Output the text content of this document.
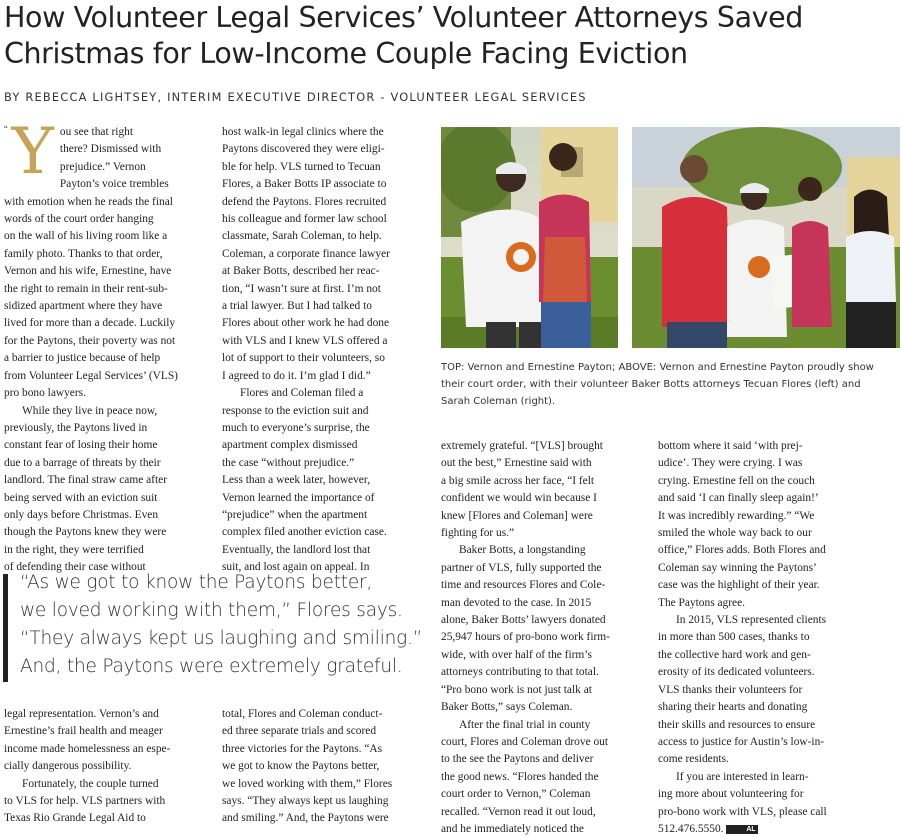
How Volunteer Legal Services’ Volunteer Attorneys Saved
Christmas for Low-Income Couple Facing Eviction
BY REBECCA LIGHTSEY, INTERIM EXECUTIVE DIRECTOR - VOLUNTEER LEGAL SERVICES

“ Y ou see that right
there? Dismissed with
prejudice.” Vernon
Payton’s voice trembles
with emotion when he reads the final
words of the court order hanging
on the wall of his living room like a
family photo. Thanks to that order,
Vernon and his wife, Ernestine, have
the right to remain in their rent-sub-
sidized apartment where they have
lived for more than a decade. Luckily
for the Paytons, their poverty was not
a barrier to justice because of help
from Volunteer Legal Services’ (VLS)
pro bono lawyers.

While they live in peace now,
previously, the Paytons lived in
constant fear of losing their home
due to a barrage of threats by their
landlord. The final straw came after
being served with an eviction suit
only days before Christmas. Even
though the Paytons knew they were
in the right, they were terrified
of defending their case without

host walk-in legal clinics where the
Paytons discovered they were eligi-
ble for help. VLS turned to Tecuan
Flores, a Baker Botts IP associate to
defend the Paytons. Flores recruited
his colleague and former law school
classmate, Sarah Coleman, to help.
Coleman, a corporate finance lawyer
at Baker Botts, described her reac-
tion, “I wasn’t sure at first. I’m not
a trial lawyer. But I had talked to
Flores about other work he had done
with VLS and I knew VLS offered a
lot of support to their volunteers, so
I agreed to do it. I’m glad I did.”

Flores and Coleman filed a
response to the eviction suit and
much to everyone’s surprise, the
apartment complex dismissed
the case “without prejudice.”
Less than a week later, however,
Vernon learned the importance of
“prejudice” when the apartment
complex filed another eviction case.
Eventually, the landlord lost that
suit, and lost again on appeal. In

TOP: Vernon and Ernestine Payton; ABOVE: Vernon and Ernestine Payton proudly show
their court order, with their volunteer Baker Botts attorneys Tecuan Flores (left) and
Sarah Coleman (right).

extremely grateful. “[VLS] brought
out the best,” Ernestine said with
a big smile across her face, “I felt
confident we would win because I
knew [Flores and Coleman] were
fighting for us.”

Baker Botts, a longstanding
partner of VLS, fully supported the
time and resources Flores and Cole-
man devoted to the case. In 2015
alone, Baker Botts’ lawyers donated
25,947 hours of pro-bono work firm-
wide, with over half of the firm’s
attorneys contributing to that total.
“Pro bono work is not just talk at
Baker Botts,” says Coleman.

After the final trial in county
court, Flores and Coleman drove out
to the see the Paytons and deliver
the good news. “Flores handed the
court order to Vernon,” Coleman
recalled. “Vernon read it out loud,
and he immediately noticed the

bottom where it said ‘with prej-
udice’. They were crying. I was
crying. Ernestine fell on the couch
and said ‘I can finally sleep again!’
It was incredibly rewarding.” “We
smiled the whole way back to our
office,” Flores adds. Both Flores and
Coleman say winning the Paytons’
case was the highlight of their year.
The Paytons agree.

In 2015, VLS represented clients
in more than 500 cases, thanks to
the collective hard work and gen-
erosity of its dedicated volunteers.
VLS thanks their volunteers for
sharing their hearts and donating
their skills and resources to ensure
access to justice for Austin’s low-in-
come residents.

If you are interested in learn-
ing more about volunteering for
pro-bono work with VLS, please call
512.476.5550.	AL

“As we got to know the Paytons better,

we loved working with them,” Flores says.

“They always kept us laughing and smiling.”

And, the Paytons were extremely grateful.

legal representation. Vernon’s and
Ernestine’s frail health and meager
income made homelessness an espe-
cially dangerous possibility.

Fortunately, the couple turned
to VLS for help. VLS partners with
Texas Rio Grande Legal Aid to

total, Flores and Coleman conduct-
ed three separate trials and scored
three victories for the Paytons. “As
we got to know the Paytons better,
we loved working with them,” Flores
says. “They always kept us laughing
and smiling.” And, the Paytons were
